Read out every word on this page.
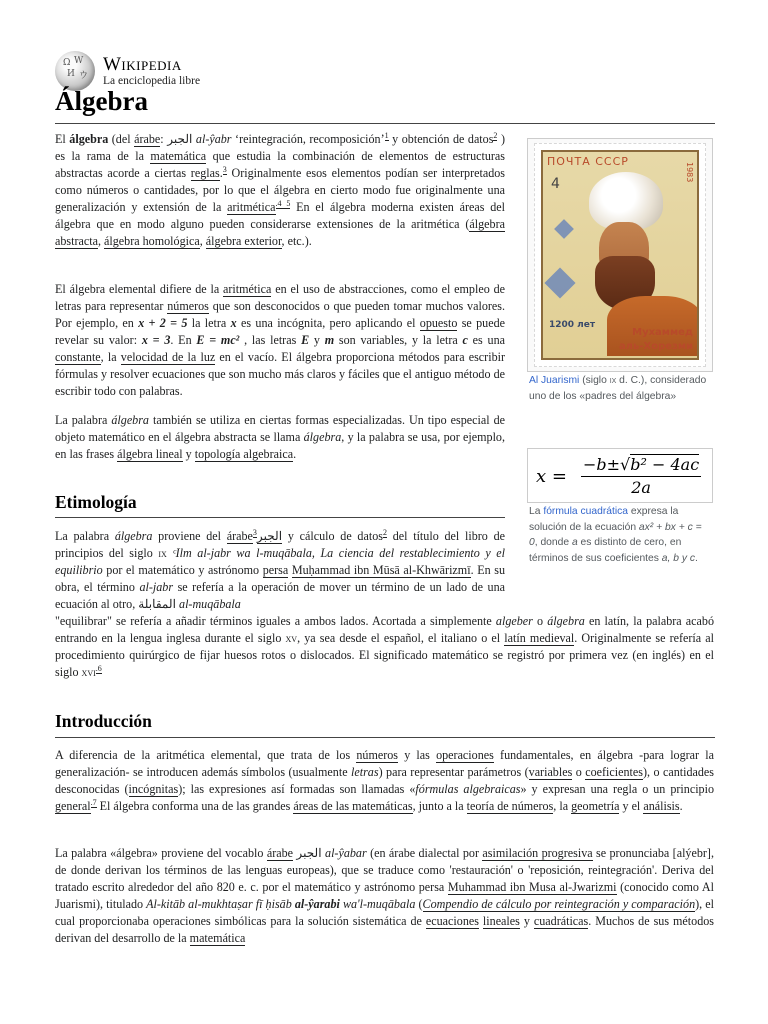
Ω W
И ウ
Wikipedia
La enciclopedia libre
Álgebra

El álgebra (del árabe: الجبر al-ŷabr ‘reintegración, recomposición’$^1$ y obtención de datos$^2$ ) es la rama de la matemática que estudia la combinación de elementos de estructuras abstractas acorde a ciertas reglas.$^3$ Originalmente esos elementos podían ser interpretados como números o cantidades, por lo que el álgebra en cierto modo fue originalmente una generalización y extensión de la aritmética$^{.4 5}$ En el álgebra moderna existen áreas del álgebra que en modo alguno pueden considerarse extensiones de la aritmética (álgebra abstracta, álgebra homológica, álgebra exterior, etc.).

El álgebra elemental difiere de la aritmética en el uso de abstracciones, como el empleo de letras para representar números que son desconocidos o que pueden tomar muchos valores. Por ejemplo, en x + 2 = 5 la letra x es una incógnita, pero aplicando el opuesto se puede revelar su valor: x = 3. En E = mc² , las letras E y m son variables, y la letra c es una constante, la velocidad de la luz en el vacío. El álgebra proporciona métodos para escribir fórmulas y resolver ecuaciones que son mucho más claros y fáciles que el antiguo método de escribir todo con palabras.

La palabra álgebra también se utiliza en ciertas formas especializadas. Un tipo especial de objeto matemático en el álgebra abstracta se llama álgebra, y la palabra se usa, por ejemplo, en las frases álgebra lineal y topología algebraica.

ПОЧТА СССР
1983
4
1200 лет
Мухаммед
аль-Хорезми
Al Juarismi (siglo ix d. C.), considerado uno de los «padres del álgebra»
$x = \frac{\text{−b±√b² − 4ac}}{2a}$
La fórmula cuadrática expresa la solución de la ecuación ax² + bx + c = 0, donde a es distinto de cero, en términos de sus coeficientes a, b y c.
Etimología

La palabra álgebra proviene del árabeالجبر$^3$ y cálculo de datos$^2$ del título del libro de principios del siglo ix ᶜIlm al-jabr wa l-muqābala, La ciencia del restablecimiento y el equilibrio por el matemático y astrónomo persa Muḥammad ibn Mūsā al-Khwārizmī. En su obra, el término al-jabr se refería a la operación de mover un término de un lado de una ecuación al otro, المقابلة al-muqābala

"equilibrar" se refería a añadir términos iguales a ambos lados. Acortada a simplemente algeber o álgebra en latín, la palabra acabó entrando en la lengua inglesa durante el siglo xv, ya sea desde el español, el italiano o el latín medieval. Originalmente se refería al procedimiento quirúrgico de fijar huesos rotos o dislocados. El significado matemático se registró por primera vez (en inglés) en el siglo xvi$^{.6}$

Introducción

A diferencia de la aritmética elemental, que trata de los números y las operaciones fundamentales, en álgebra -para lograr la generalización- se introducen además símbolos (usualmente letras) para representar parámetros (variables o coeficientes), o cantidades desconocidas (incógnitas); las expresiones así formadas son llamadas «fórmulas algebraicas» y expresan una regla o un principio general$^{.7}$ El álgebra conforma una de las grandes áreas de las matemáticas, junto a la teoría de números, la geometría y el análisis.

La palabra «álgebra» proviene del vocablo árabe الجبر al-ŷabar (en árabe dialectal por asimilación progresiva se pronunciaba [alýebr], de donde derivan los términos de las lenguas europeas), que se traduce como 'restauración' o 'reposición, reintegración'. Deriva del tratado escrito alrededor del año 820 e. c. por el matemático y astrónomo persa Muhammad ibn Musa al-Jwarizmi (conocido como Al Juarismi), titulado Al-kitāb al-mukhtaṣar fī ḥisāb al-ŷarabi wa'l-muqābala (Compendio de cálculo por reintegración y comparación), el cual proporcionaba operaciones simbólicas para la solución sistemática de ecuaciones lineales y cuadráticas. Muchos de sus métodos derivan del desarrollo de la matemática
